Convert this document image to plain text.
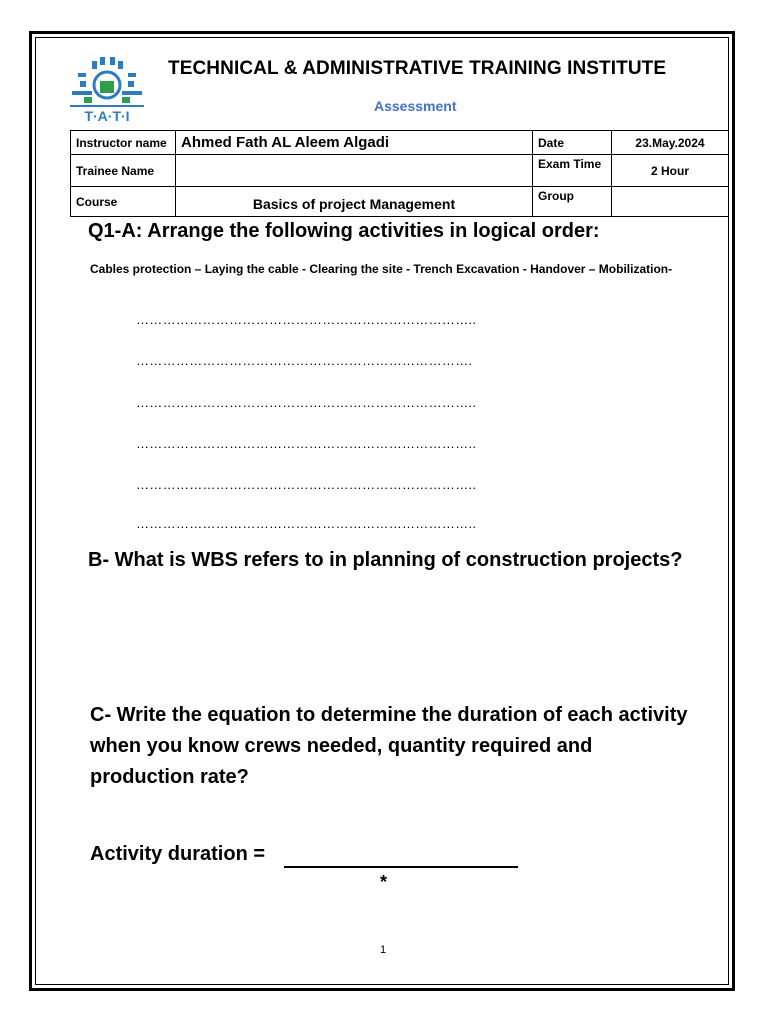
T·A·T·I
TECHNICAL & ADMINISTRATIVE TRAINING INSTITUTE
Assessment
Instructor name	Ahmed Fath AL Aleem Algadi	Date	23.May.2024
Trainee Name		Exam Time	2 Hour
Course	Basics of project Management	Group	
Q1-A: Arrange the following activities in logical order:
Cables protection – Laying the cable - Clearing the site - Trench Excavation - Handover – Mobilization-
…………………………………………………………………..
………………………………………………………………….
…………………………………………………………………..
…………………………………………………………………..
…………………………………………………………………..
…………………………………………………………………..
B- What is WBS refers to in planning of construction projects?
C- Write the equation to determine the duration of each activity when you know crews needed, quantity required and production rate?
Activity duration =
*
1
